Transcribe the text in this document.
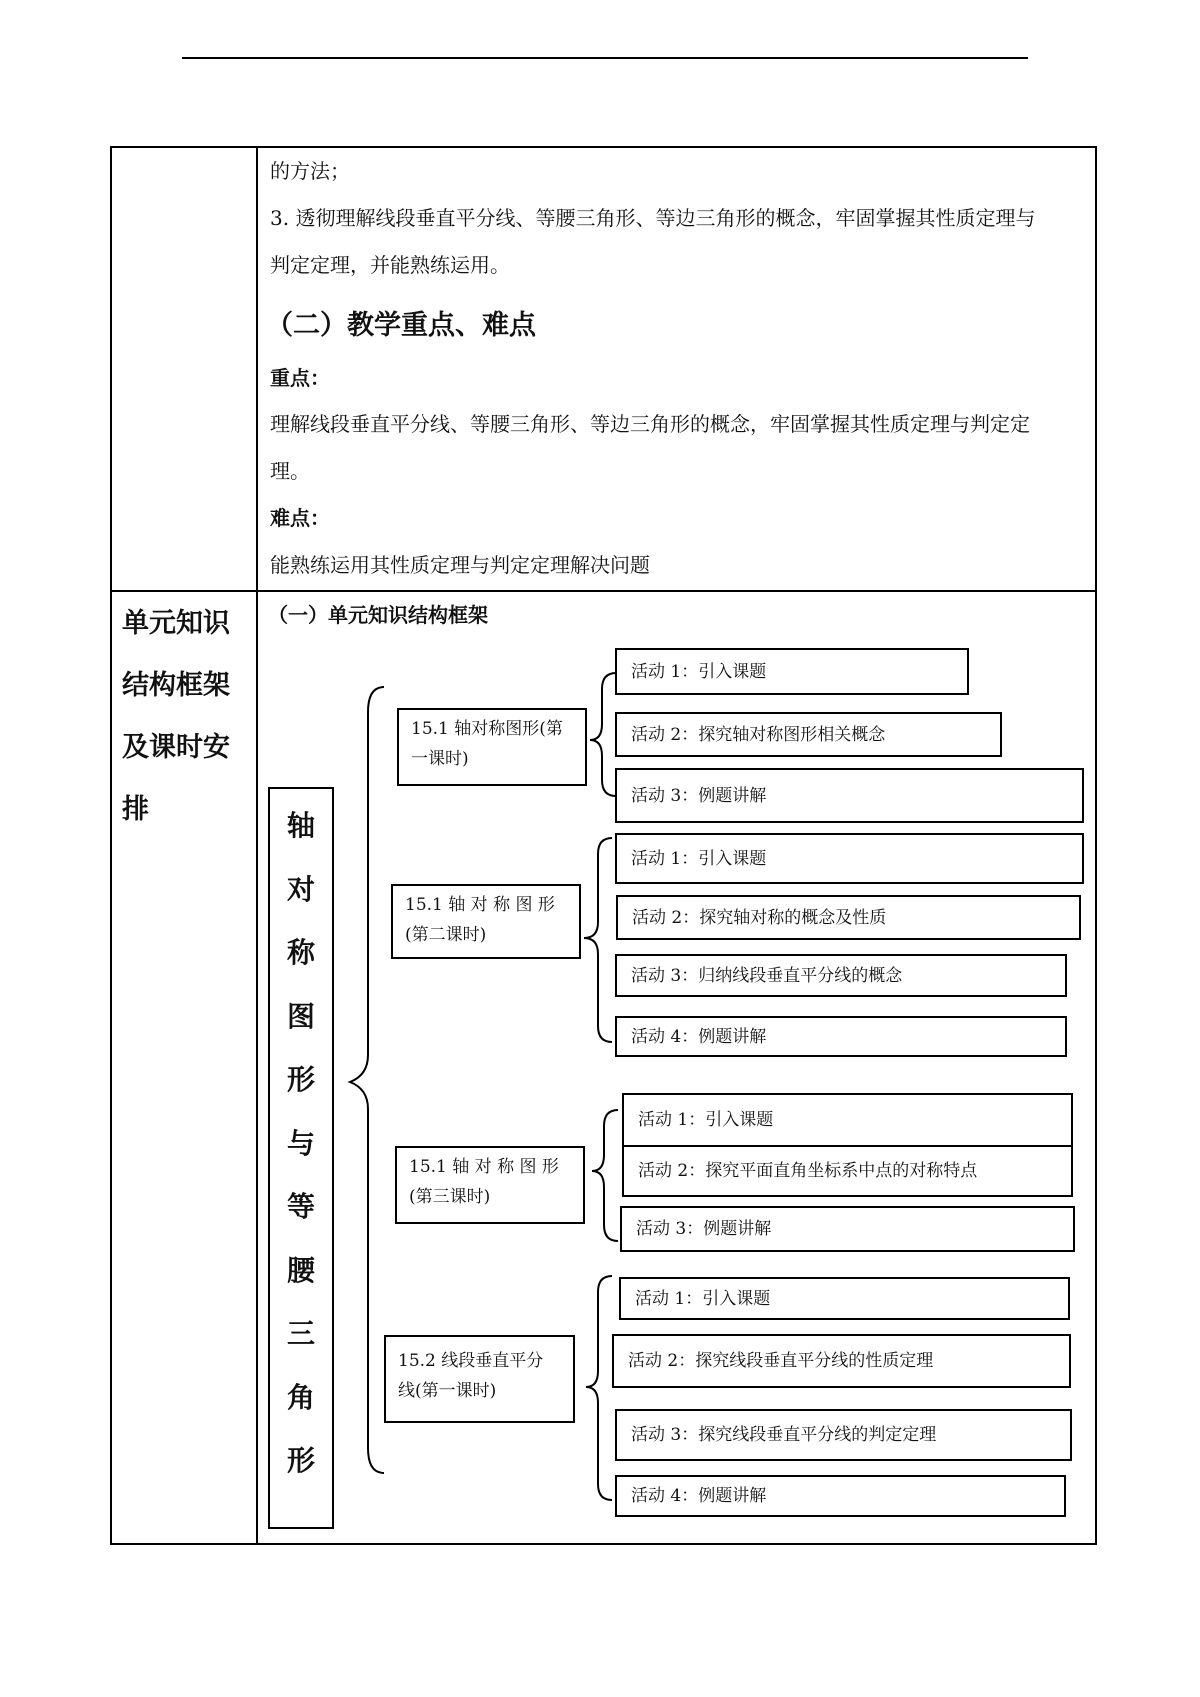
的方法；
3. 透彻理解线段垂直平分线、等腰三角形、等边三角形的概念，牢固掌握其性质定理与
判定定理，并能熟练运用。
（二）教学重点、难点
重点：
理解线段垂直平分线、等腰三角形、等边三角形的概念，牢固掌握其性质定理与判定定
理。
难点：
能熟练运用其性质定理与判定定理解决问题
单元知识
结构框架
及课时安
排
（一）单元知识结构框架
轴
对
称
图
形
与
等
腰
三
角
形
15.1 轴对称图形(第
一课时)
活动 1：引入课题
活动 2：探究轴对称图形相关概念
活动 3：例题讲解
15.1 轴 对 称 图 形
(第二课时)
活动 1：引入课题
活动 2：探究轴对称的概念及性质
活动 3：归纳线段垂直平分线的概念
活动 4：例题讲解
15.1 轴 对 称 图 形
(第三课时)
活动 1：引入课题
活动 2：探究平面直角坐标系中点的对称特点
活动 3：例题讲解
15.2 线段垂直平分
线(第一课时)
活动 1：引入课题
活动 2：探究线段垂直平分线的性质定理
活动 3：探究线段垂直平分线的判定定理
活动 4：例题讲解
